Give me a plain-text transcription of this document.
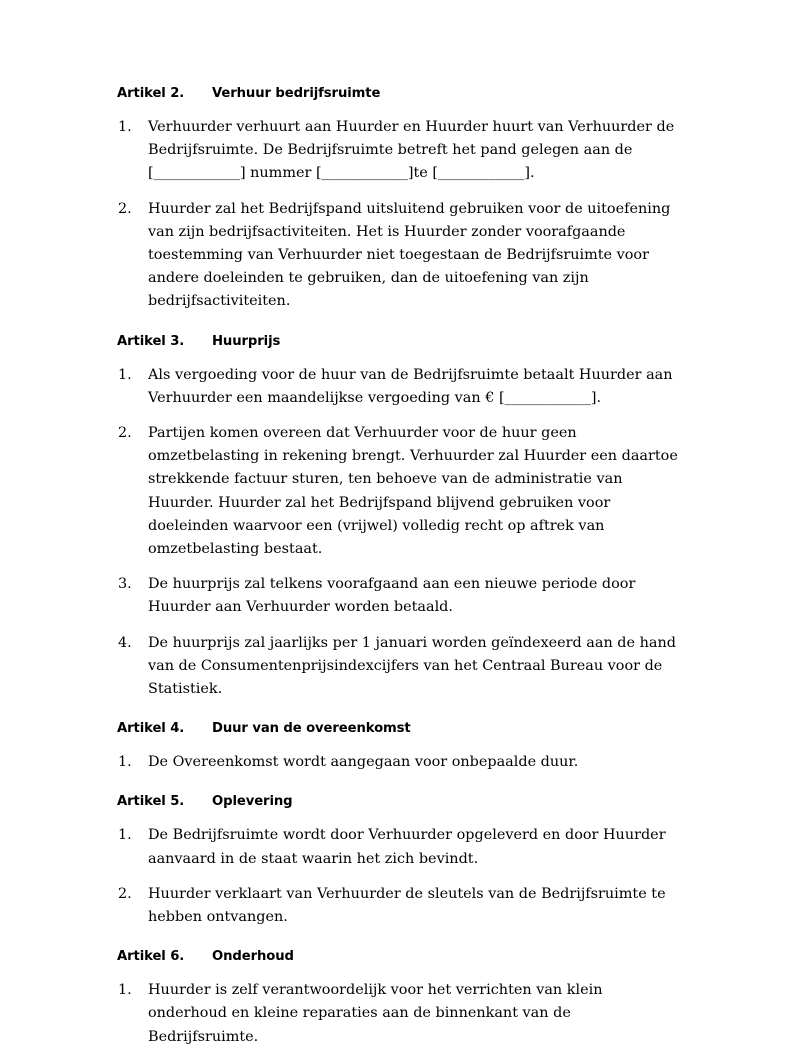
Artikel 2. Verhuur bedrijfsruimte
1.	Verhuurder verhuurt aan Huurder en Huurder huurt van Verhuurder de Bedrijfsruimte. De Bedrijfsruimte betreft het pand gelegen aan de [____________] nummer [____________]te [____________].
2.	Huurder zal het Bedrijfspand uitsluitend gebruiken voor de uitoefening van zijn bedrijfsactiviteiten. Het is Huurder zonder voorafgaande toestemming van Verhuurder niet toegestaan de Bedrijfsruimte voor andere doeleinden te gebruiken, dan de uitoefening van zijn bedrijfsactiviteiten.
Artikel 3. Huurprijs
1.	Als vergoeding voor de huur van de Bedrijfsruimte betaalt Huurder aan Verhuurder een maandelijkse vergoeding van € [____________].
2.	Partijen komen overeen dat Verhuurder voor de huur geen omzetbelasting in rekening brengt. Verhuurder zal Huurder een daartoe strekkende factuur sturen, ten behoeve van de administratie van Huurder. Huurder zal het Bedrijfspand blijvend gebruiken voor doeleinden waarvoor een (vrijwel) volledig recht op aftrek van omzetbelasting bestaat.
3.	De huurprijs zal telkens voorafgaand aan een nieuwe periode door Huurder aan Verhuurder worden betaald.
4.	De huurprijs zal jaarlijks per 1 januari worden geïndexeerd aan de hand van de Consumentenprijsindexcijfers van het Centraal Bureau voor de Statistiek.
Artikel 4. Duur van de overeenkomst
1.	De Overeenkomst wordt aangegaan voor onbepaalde duur.
Artikel 5. Oplevering
1.	De Bedrijfsruimte wordt door Verhuurder opgeleverd en door Huurder aanvaard in de staat waarin het zich bevindt.
2.	Huurder verklaart van Verhuurder de sleutels van de Bedrijfsruimte te hebben ontvangen.
Artikel 6. Onderhoud
1.	Huurder is zelf verantwoordelijk voor het verrichten van klein onderhoud en kleine reparaties aan de binnenkant van de Bedrijfsruimte.
